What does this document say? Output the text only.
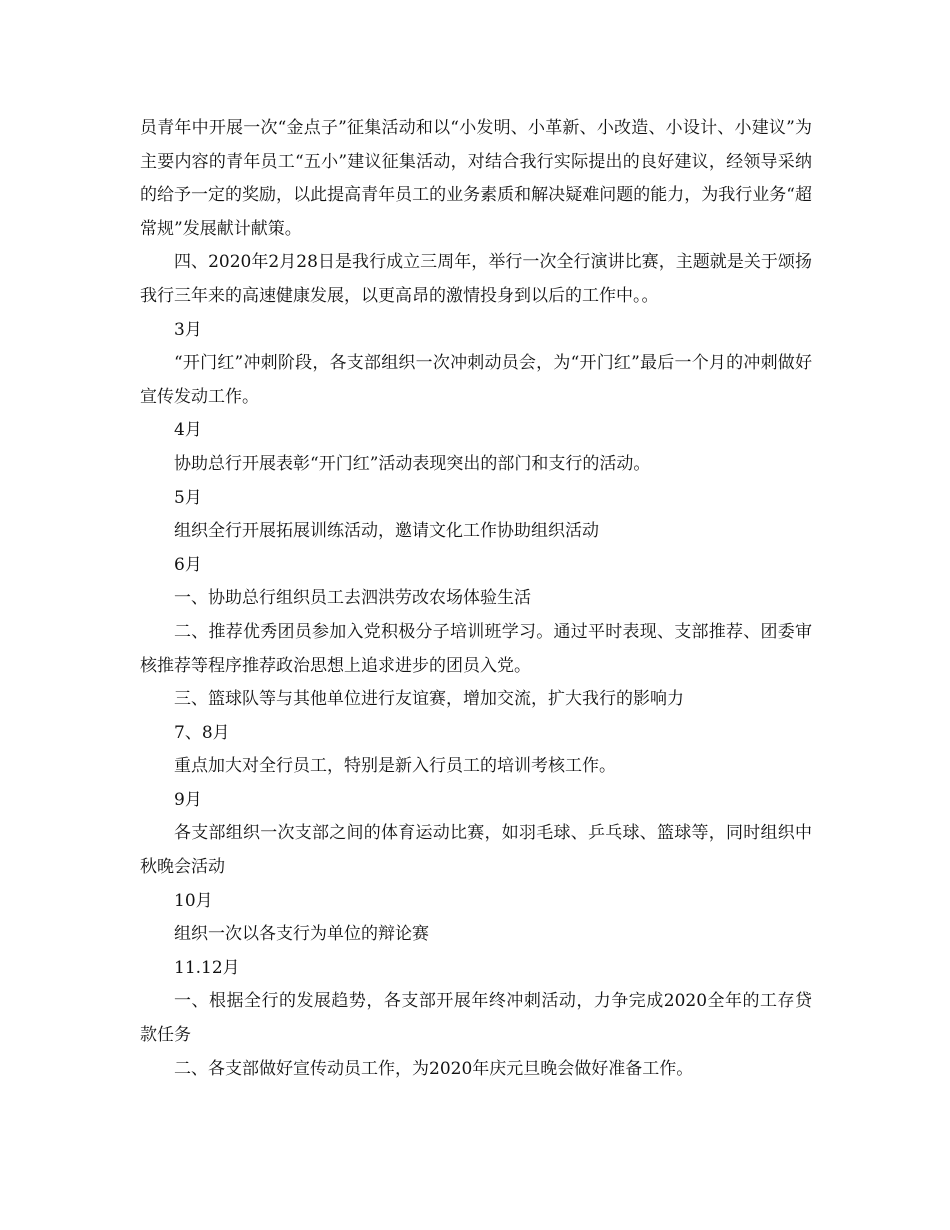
员青年中开展一次“金点子”征集活动和以“小发明、小革新、小改造、小设计、小建议”为主要内容的青年员工“五小”建议征集活动，对结合我行实际提出的良好建议，经领导采纳的给予一定的奖励，以此提高青年员工的业务素质和解决疑难问题的能力，为我行业务“超常规”发展献计献策。

四、2020年2月28日是我行成立三周年，举行一次全行演讲比赛，主题就是关于颂扬我行三年来的高速健康发展，以更高昂的激情投身到以后的工作中。。

3月

“开门红”冲刺阶段，各支部组织一次冲刺动员会，为“开门红”最后一个月的冲刺做好宣传发动工作。

4月

协助总行开展表彰“开门红”活动表现突出的部门和支行的活动。

5月

组织全行开展拓展训练活动，邀请文化工作协助组织活动

6月

一、协助总行组织员工去泗洪劳改农场体验生活

二、推荐优秀团员参加入党积极分子培训班学习。通过平时表现、支部推荐、团委审核推荐等程序推荐政治思想上追求进步的团员入党。

三、篮球队等与其他单位进行友谊赛，增加交流，扩大我行的影响力

7、8月

重点加大对全行员工，特别是新入行员工的培训考核工作。

9月

各支部组织一次支部之间的体育运动比赛，如羽毛球、乒乓球、篮球等，同时组织中秋晚会活动

10月

组织一次以各支行为单位的辩论赛

11.12月

一、根据全行的发展趋势，各支部开展年终冲刺活动，力争完成2020全年的工存贷款任务

二、各支部做好宣传动员工作，为2020年庆元旦晚会做好准备工作。
